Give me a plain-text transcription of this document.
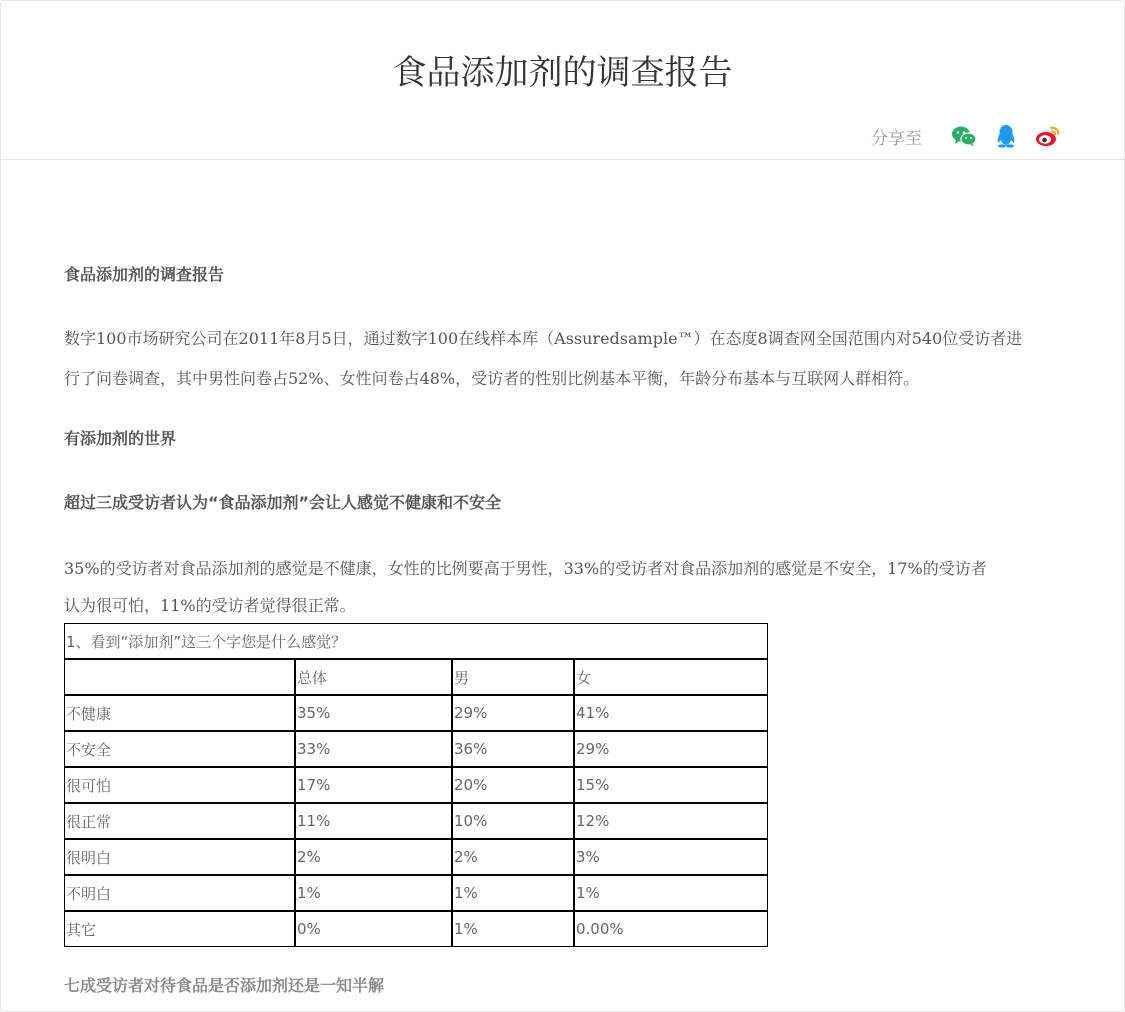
食品添加剂的调查报告
分享至

食品添加剂的调查报告

数字100市场研究公司在2011年8月5日，通过数字100在线样本库（Assuredsample™）在态度8调查网全国范围内对540位受访者进

行了问卷调查，其中男性问卷占52%、女性问卷占48%，受访者的性别比例基本平衡，年龄分布基本与互联网人群相符。

有添加剂的世界

超过三成受访者认为“食品添加剂”会让人感觉不健康和不安全

35%的受访者对食品添加剂的感觉是不健康，女性的比例要高于男性，33%的受访者对食品添加剂的感觉是不安全，17%的受访者

认为很可怕，11%的受访者觉得很正常。

1、看到“添加剂”这三个字您是什么感觉？			
	总体	男	女
不健康	35%	29%	41%
不安全	33%	36%	29%
很可怕	17%	20%	15%
很正常	11%	10%	12%
很明白	2%	2%	3%
不明白	1%	1%	1%
其它	0%	1%	0.00%

七成受访者对待食品是否添加剂还是一知半解
